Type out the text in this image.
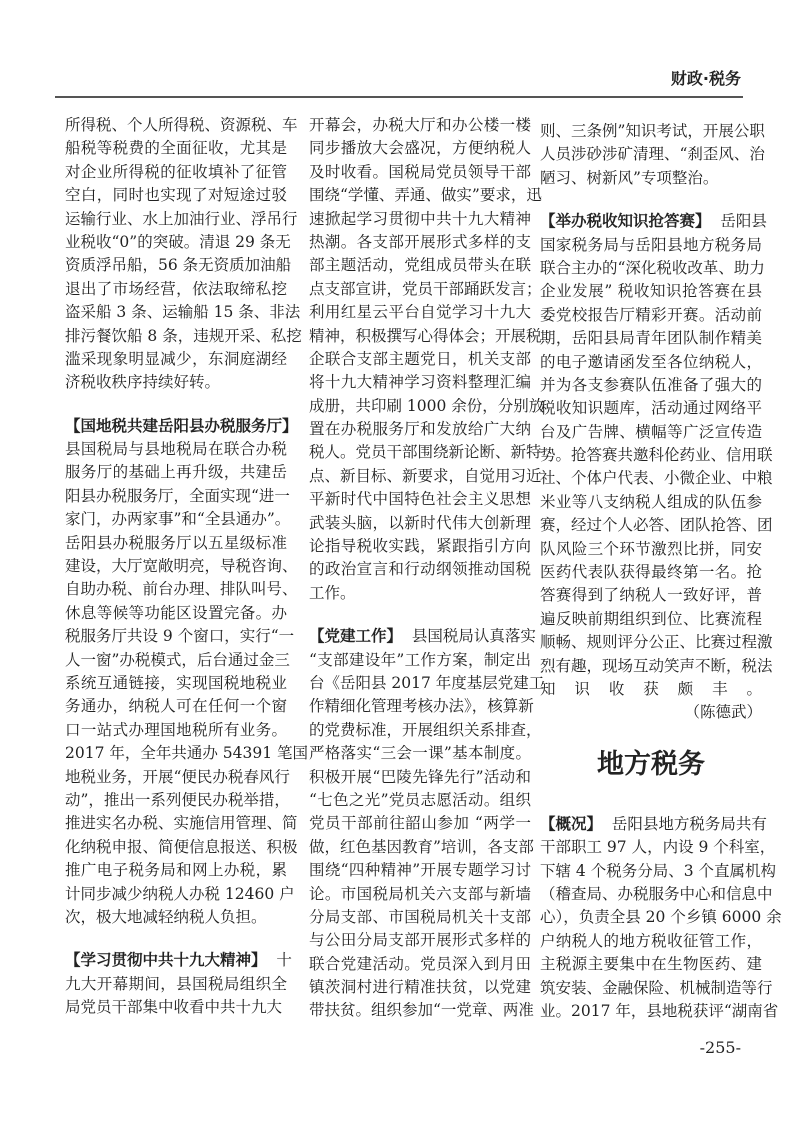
财政·税务
所得税、个人所得税、资源税、车
船税等税费的全面征收，尤其是
对企业所得税的征收填补了征管
空白，同时也实现了对短途过驳
运输行业、水上加油行业、浮吊行
业税收“0”的突破。清退 29 条无
资质浮吊船，56 条无资质加油船
退出了市场经营，依法取缔私挖
盗采船 3 条、运输船 15 条、非法
排污餐饮船 8 条，违规开采、私挖
滥采现象明显减少，东洞庭湖经
济税收秩序持续好转。
【国地税共建岳阳县办税服务厅】
县国税局与县地税局在联合办税
服务厅的基础上再升级，共建岳
阳县办税服务厅，全面实现“进一
家门，办两家事”和“全县通办”。
岳阳县办税服务厅以五星级标准
建设，大厅宽敞明亮，导税咨询、
自助办税、前台办理、排队叫号、
休息等候等功能区设置完备。办
税服务厅共设 9 个窗口，实行“一
人一窗”办税模式，后台通过金三
系统互通链接，实现国税地税业
务通办，纳税人可在任何一个窗
口一站式办理国地税所有业务。
2017 年，全年共通办 54391 笔国
地税业务，开展“便民办税春风行
动”，推出一系列便民办税举措，
推进实名办税、实施信用管理、简
化纳税申报、简便信息报送、积极
推广电子税务局和网上办税，累
计同步减少纳税人办税 12460 户
次，极大地减轻纳税人负担。
【学习贯彻中共十九大精神】 十
九大开幕期间，县国税局组织全
局党员干部集中收看中共十九大
开幕会，办税大厅和办公楼一楼
同步播放大会盛况，方便纳税人
及时收看。国税局党员领导干部
围绕“学懂、弄通、做实”要求，迅
速掀起学习贯彻中共十九大精神
热潮。各支部开展形式多样的支
部主题活动，党组成员带头在联
点支部宣讲，党员干部踊跃发言；
利用红星云平台自觉学习十九大
精神，积极撰写心得体会；开展税
企联合支部主题党日，机关支部
将十九大精神学习资料整理汇编
成册，共印刷 1000 余份，分别放
置在办税服务厅和发放给广大纳
税人。党员干部围绕新论断、新特
点、新目标、新要求，自觉用习近
平新时代中国特色社会主义思想
武装头脑，以新时代伟大创新理
论指导税收实践，紧跟指引方向
的政治宣言和行动纲领推动国税
工作。
【党建工作】 县国税局认真落实
“支部建设年”工作方案，制定出
台《岳阳县 2017 年度基层党建工
作精细化管理考核办法》，核算新
的党费标准，开展组织关系排查，
严格落实“三会一课”基本制度。
积极开展“巴陵先锋先行”活动和
“七色之光”党员志愿活动。组织
党员干部前往韶山参加 “两学一
做，红色基因教育”培训，各支部
围绕“四种精神”开展专题学习讨
论。市国税局机关六支部与新墙
分局支部、市国税局机关十支部
与公田分局支部开展形式多样的
联合党建活动。党员深入到月田
镇茨洞村进行精准扶贫，以党建
带扶贫。组织参加“一党章、两准
则、三条例”知识考试，开展公职
人员涉砂涉矿清理、“刹歪风、治
陋习、树新风”专项整治。
【举办税收知识抢答赛】 岳阳县
国家税务局与岳阳县地方税务局
联合主办的“深化税收改革、助力
企业发展” 税收知识抢答赛在县
委党校报告厅精彩开赛。活动前
期，岳阳县局青年团队制作精美
的电子邀请函发至各位纳税人，
并为各支参赛队伍准备了强大的
税收知识题库，活动通过网络平
台及广告牌、横幅等广泛宣传造
势。抢答赛共邀科伦药业、信用联
社、个体户代表、小微企业、中粮
米业等八支纳税人组成的队伍参
赛，经过个人必答、团队抢答、团
队风险三个环节激烈比拼，同安
医药代表队获得最终第一名。抢
答赛得到了纳税人一致好评，普
遍反映前期组织到位、比赛流程
顺畅、规则评分公正、比赛过程激
烈有趣，现场互动笑声不断，税法
知识收获颇丰。
（陈德武）
地方税务
【概况】 岳阳县地方税务局共有
干部职工 97 人，内设 9 个科室，
下辖 4 个税务分局、3 个直属机构
（稽查局、办税服务中心和信息中
心），负责全县 20 个乡镇 6000 余
户纳税人的地方税收征管工作，
主税源主要集中在生物医药、建
筑安装、金融保险、机械制造等行
业。2017 年，县地税获评“湖南省
-255-
